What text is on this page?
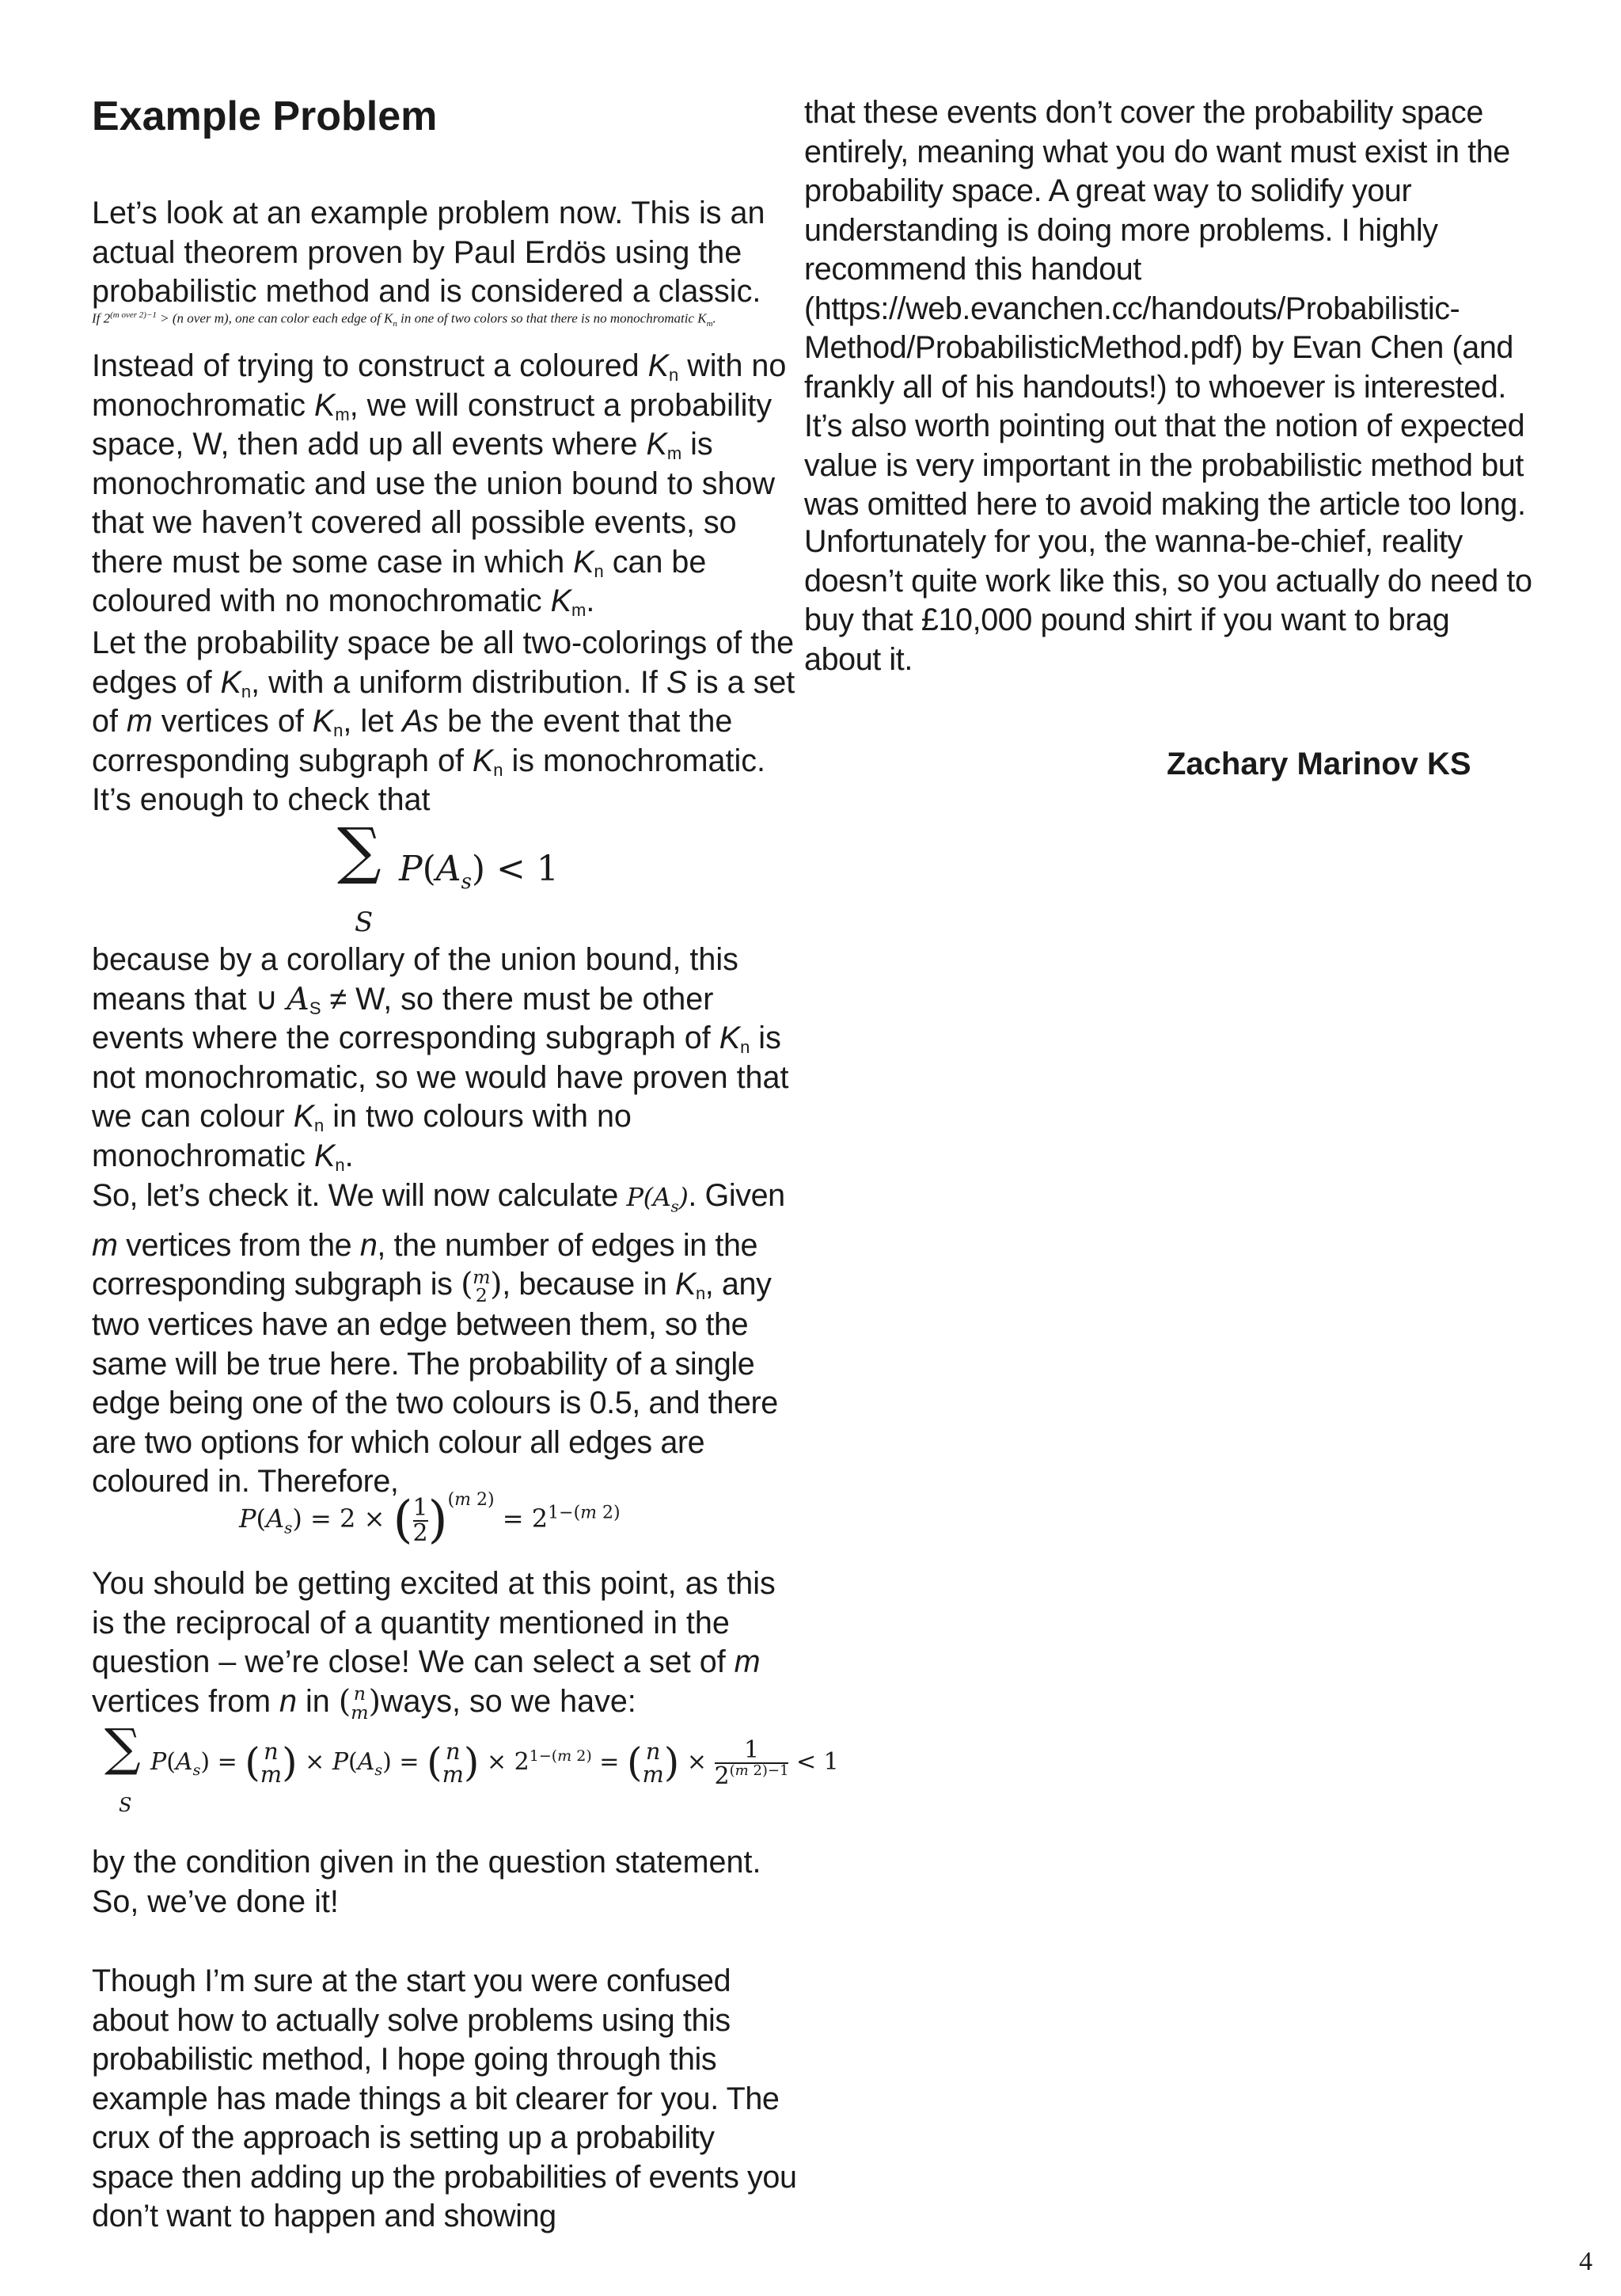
Example Problem

Let’s look at an example problem now. This is an actual theorem proven by Paul Erdös using the probabilistic method and is considered a classic.

If $2^{(m over 2)-1} > (n$ over m), one can color each edge of $K_n$ in one of two colors so that there is no monochromatic $K_m$.

Instead of trying to construct a coloured $K_n$ with no monochromatic $K_m$, we will construct a probability space, W, then add up all events where $K_m$ is monochromatic and use the union bound to show that we haven’t covered all possible events, so there must be some case in which $K_n$ can be coloured with no monochromatic $K_m$.

Let the probability space be all two-colorings of the edges of $K_n$, with a uniform distribution. If S is a set of m vertices of $K_n$, let As be the event that the corresponding subgraph of $K_n$ is monochromatic. It’s enough to check that

∑
S
$P(A_s) < 1$

because by a corollary of the union bound, this means that ∪ $A_S \ne W$, so there must be other events where the corresponding subgraph of $K_n$ is not monochromatic, so we would have proven that we can colour $K_n$ in two colours with no monochromatic $K_n$.

So, let’s check it. We will now calculate $P(A_s)$. Given m vertices from the n, the number of edges in the corresponding subgraph is ( m
2 ), because in $K_n$, any two vertices have an edge between them, so the same will be true here. The probability of a single edge being one of the two colours is 0.5, and there are two options for which colour all edges are coloured in. Therefore,

$P(A_s) = 2$ × ( $\frac{1}{2} )^{(m 2)} = 2^{1-(m 2)}$

You should be getting excited at this point, as this is the reciprocal of a quantity mentioned in the question – we’re close! We can select a set of m vertices from n in ( n
m )ways, so we have:

∑
S
$P(A_s)$ = ( n
m ) × $P(A_s)$ = ( n
m ) × $2^{1-(m 2)}$ = ( n
m ) × $\frac{1}{2^{(m 2)-1}} < 1$

by the condition given in the question statement. So, we’ve done it!

Though I’m sure at the start you were confused about how to actually solve problems using this probabilistic method, I hope going through this example has made things a bit clearer for you. The crux of the approach is setting up a probability space then adding up the probabilities of events you don’t want to happen and showing

that these events don’t cover the probability space entirely, meaning what you do want must exist in the probability space. A great way to solidify your understanding is doing more problems. I highly recommend this handout (https://web.evanchen.cc/handouts/Probabilistic-Method/ProbabilisticMethod.pdf) by Evan Chen (and frankly all of his handouts!) to whoever is interested. It’s also worth pointing out that the notion of expected value is very important in the probabilistic method but was omitted here to avoid making the article too long.

Unfortunately for you, the wanna-be-chief, reality doesn’t quite work like this, so you actually do need to buy that £10,000 pound shirt if you want to brag about it.

Zachary Marinov KS
4
